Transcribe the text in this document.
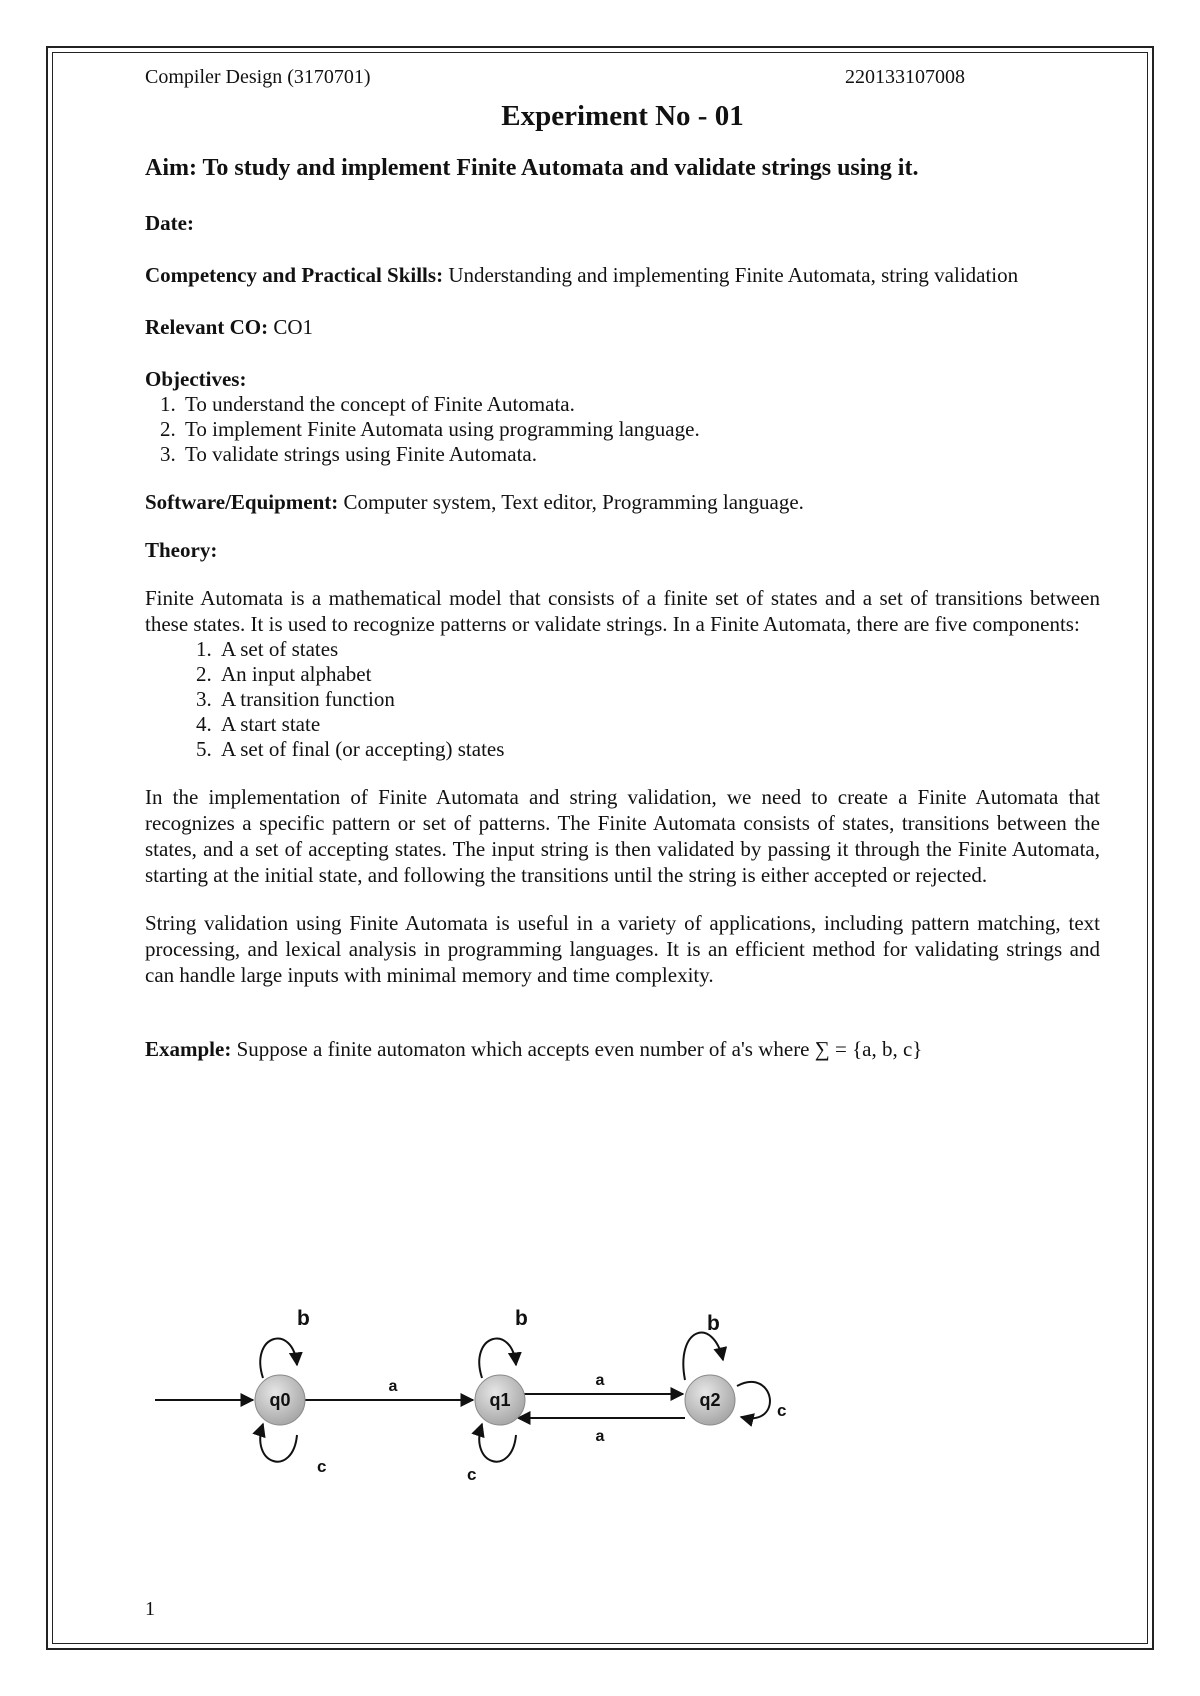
Compiler Design (3170701)	220133107008
Experiment No - 01
Aim: To study and implement Finite Automata and validate strings using it.
Date:
Competency and Practical Skills: Understanding and implementing Finite Automata, string validation
Relevant CO: CO1
Objectives:
1. To understand the concept of Finite Automata.
2. To implement Finite Automata using programming language.
3. To validate strings using Finite Automata.
Software/Equipment: Computer system, Text editor, Programming language.
Theory:
Finite Automata is a mathematical model that consists of a finite set of states and a set of transitions between these states. It is used to recognize patterns or validate strings. In a Finite Automata, there are five components:
1. A set of states
2. An input alphabet
3. A transition function
4. A start state
5. A set of final (or accepting) states
In the implementation of Finite Automata and string validation, we need to create a Finite Automata that recognizes a specific pattern or set of patterns. The Finite Automata consists of states, transitions between the states, and a set of accepting states. The input string is then validated by passing it through the Finite Automata, starting at the initial state, and following the transitions until the string is either accepted or rejected.
String validation using Finite Automata is useful in a variety of applications, including pattern matching, text processing, and lexical analysis in programming languages. It is an efficient method for validating strings and can handle large inputs with minimal memory and time complexity.
Example: Suppose a finite automaton which accepts even number of a's where ∑ = {a, b, c}
q0	q1	q2
b
c
a
b
c
a
a
b
c
1
